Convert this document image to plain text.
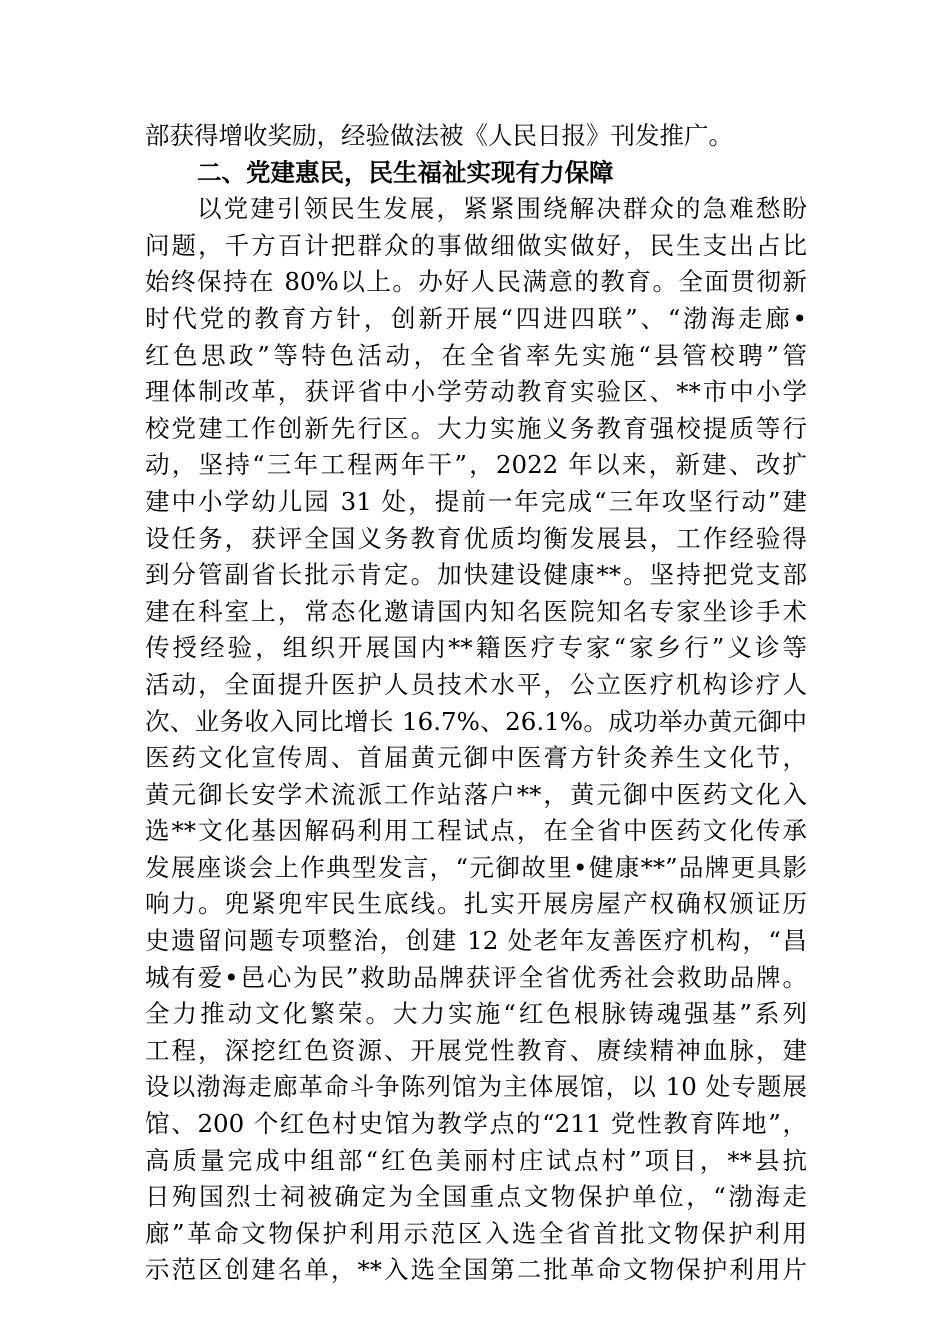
部获得增收奖励，经验做法被《人民日报》刊发推广。
二、党建惠民，民生福祉实现有力保障
以党建引领民生发展，紧紧围绕解决群众的急难愁盼
问题，千方百计把群众的事做细做实做好，民生支出占比
始终保持在 80%以上。办好人民满意的教育。全面贯彻新
时代党的教育方针，创新开展“四进四联”、“渤海走廊•
红色思政”等特色活动，在全省率先实施“县管校聘”管
理体制改革，获评省中小学劳动教育实验区、**市中小学
校党建工作创新先行区。大力实施义务教育强校提质等行
动，坚持“三年工程两年干”，2022 年以来，新建、改扩
建中小学幼儿园 31 处，提前一年完成“三年攻坚行动”建
设任务，获评全国义务教育优质均衡发展县，工作经验得
到分管副省长批示肯定。加快建设健康**。坚持把党支部
建在科室上，常态化邀请国内知名医院知名专家坐诊手术
传授经验，组织开展国内**籍医疗专家“家乡行”义诊等
活动，全面提升医护人员技术水平，公立医疗机构诊疗人
次、业务收入同比增长 16.7%、26.1%。成功举办黄元御中
医药文化宣传周、首届黄元御中医膏方针灸养生文化节，
黄元御长安学术流派工作站落户**，黄元御中医药文化入
选**文化基因解码利用工程试点，在全省中医药文化传承
发展座谈会上作典型发言，“元御故里•健康**”品牌更具影
响力。兜紧兜牢民生底线。扎实开展房屋产权确权颁证历
史遗留问题专项整治，创建 12 处老年友善医疗机构，“昌
城有爱•邑心为民”救助品牌获评全省优秀社会救助品牌。
全力推动文化繁荣。大力实施“红色根脉铸魂强基”系列
工程，深挖红色资源、开展党性教育、赓续精神血脉，建
设以渤海走廊革命斗争陈列馆为主体展馆，以 10 处专题展
馆、200 个红色村史馆为教学点的“211 党性教育阵地”，
高质量完成中组部“红色美丽村庄试点村”项目，**县抗
日殉国烈士祠被确定为全国重点文物保护单位，“渤海走
廊”革命文物保护利用示范区入选全省首批文物保护利用
示范区创建名单，**入选全国第二批革命文物保护利用片
